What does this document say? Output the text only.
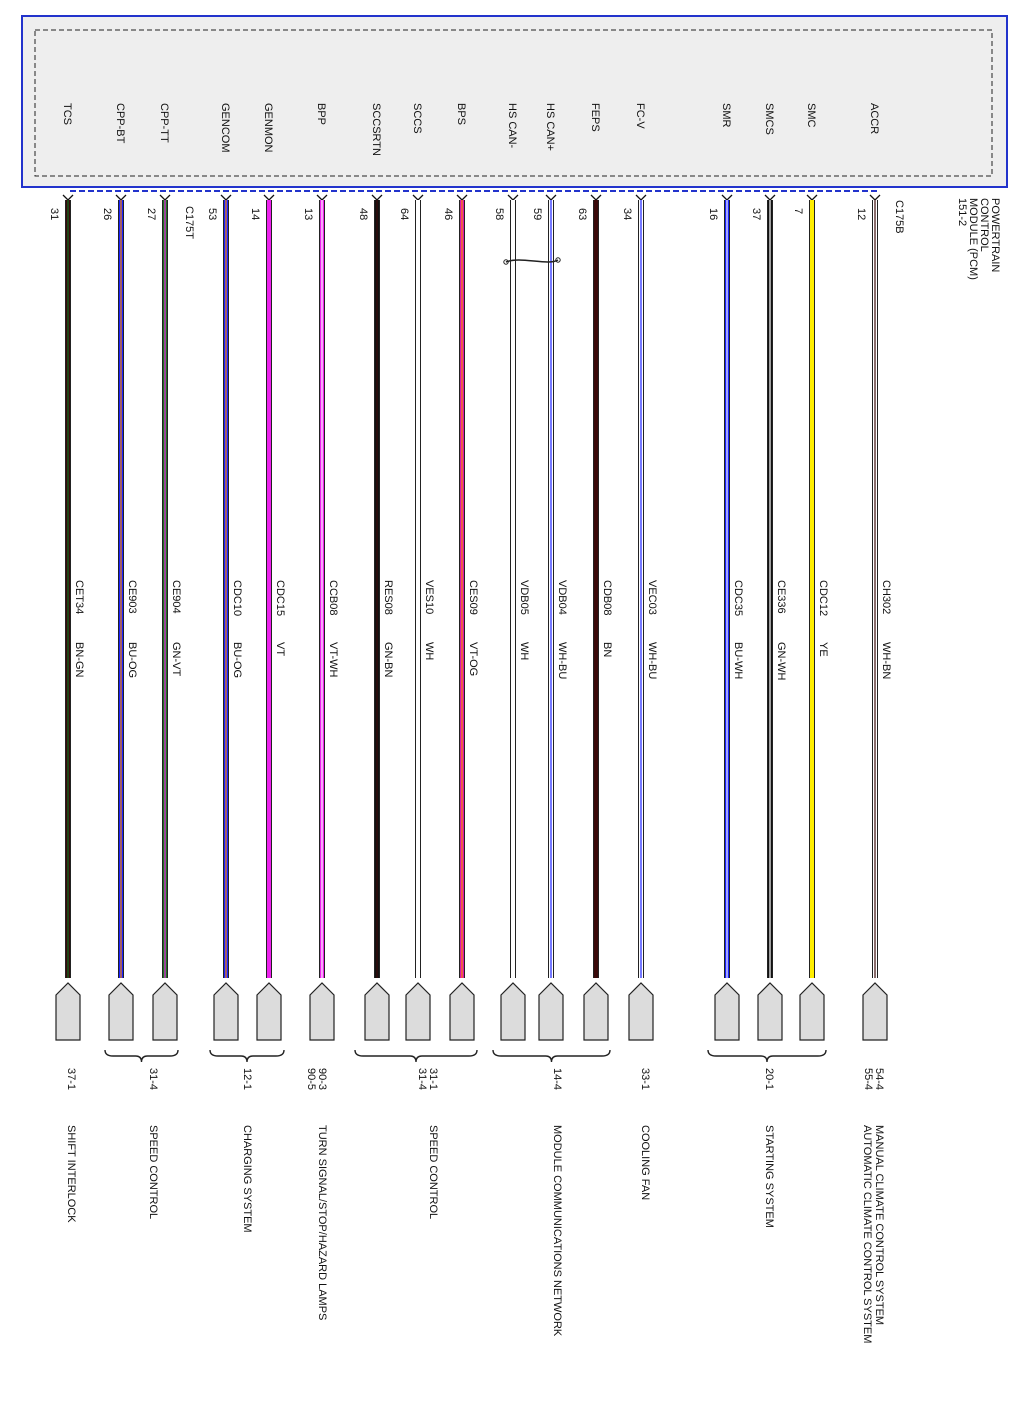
POWERTRAIN CONTROL MODULE (PCM) 151-2
C175T	C175B
TCS
31
CET34
BN-GN
CPP-BT
26
CE903
BU-OG
CPP-TT
27
CE904
GN-VT
GENCOM
53
CDC10
BU-OG
GENMON
14
CDC15
VT
BPP
13
CCB08
VT-WH
SCCSRTN
48
RES08
GN-BN
SCCS
64
VES10
WH
BPS
46
CES09
VT-OG
HS CAN-
58
VDB05
WH
HS CAN+
59
VDB04
WH-BU
FEPS
63
CDB08
BN
FC-V
34
VEC03
WH-BU
SMR
16
CDC35
BU-WH
SMCS
37
CE336
GN-WH
SMC
7
CDC12
YE
ACCR
12
CH302
WH-BN
37-1
SHIFT INTERLOCK
31-4
SPEED CONTROL
12-1
CHARGING SYSTEM
90-3
90-5
TURN SIGNAL/STOP/HAZARD LAMPS
31-1
31-4
SPEED CONTROL
14-4
MODULE COMMUNICATIONS NETWORK
33-1
COOLING FAN
20-1
STARTING SYSTEM
54-4
55-4
MANUAL CLIMATE CONTROL SYSTEM
AUTOMATIC CLIMATE CONTROL SYSTEM
